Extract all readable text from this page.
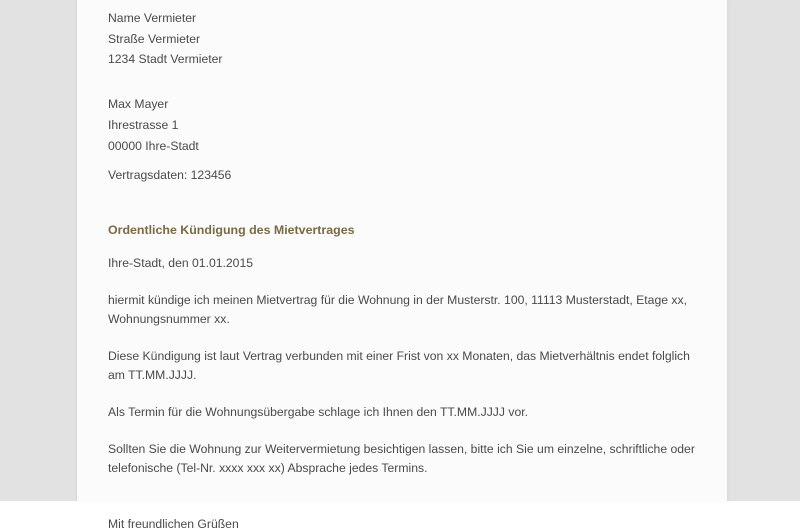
Name Vermieter

Straße Vermieter

1234 Stadt Vermieter

Max Mayer

Ihrestrasse 1

00000 Ihre-Stadt

Vertragsdaten: 123456

Ordentliche Kündigung des Mietvertrages

Ihre-Stadt, den 01.01.2015

hiermit kündige ich meinen Mietvertrag für die Wohnung in der Musterstr. 100, 11113 Musterstadt, Etage xx, Wohnungsnummer xx.

Diese Kündigung ist laut Vertrag verbunden mit einer Frist von xx Monaten, das Mietverhältnis endet folglich am TT.MM.JJJJ.

Als Termin für die Wohnungsübergabe schlage ich Ihnen den TT.MM.JJJJ vor.

Sollten Sie die Wohnung zur Weitervermietung besichtigen lassen, bitte ich Sie um einzelne, schriftliche oder telefonische (Tel-Nr. xxxx xxx xx) Absprache jedes Termins.

Mit freundlichen Grüßen
